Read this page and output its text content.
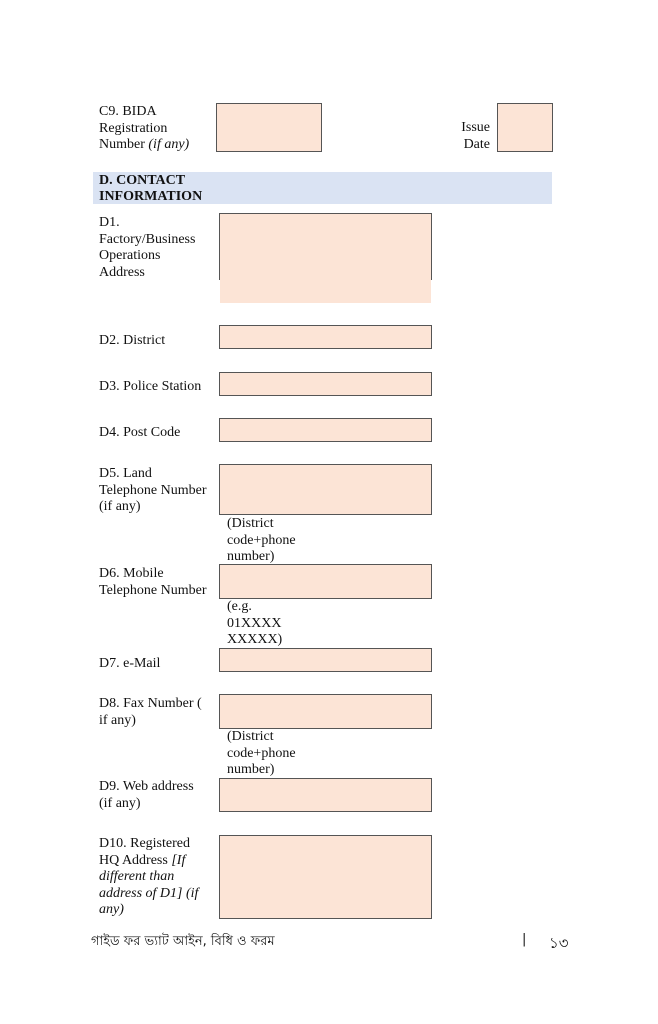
C9. BIDA
Registration
Number (if any)
Issue
Date
D. CONTACT
INFORMATION
D1.
Factory/Business
Operations
Address
D2. District
D3. Police Station
D4. Post Code
D5. Land
Telephone Number
(if any)
(District
code+phone
number)
D6. Mobile
Telephone Number
(e.g.
01XXXX
XXXXX)
D7. e-Mail
D8. Fax Number (
if any)
(District
code+phone
number)
D9. Web address
(if any)
D10. Registered
HQ Address [If
different than
address of D1] (if
any)
গাইড ফর ভ্যাট আইন, বিধি ও ফরম	| ১৩
